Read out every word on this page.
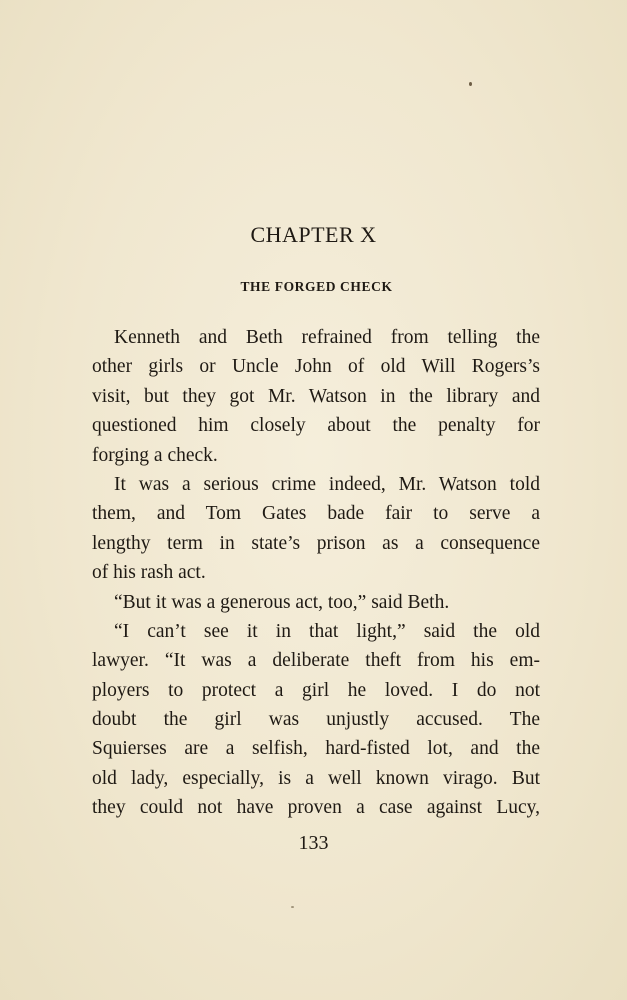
CHAPTER X
THE FORGED CHECK
Kenneth and Beth refrained from telling the
other girls or Uncle John of old Will Rogers’s
visit, but they got Mr. Watson in the library and
questioned him closely about the penalty for
forging a check.
It was a serious crime indeed, Mr. Watson told
them, and Tom Gates bade fair to serve a
lengthy term in state’s prison as a consequence
of his rash act.
“But it was a generous act, too,” said Beth.
“I can’t see it in that light,” said the old
lawyer. “It was a deliberate theft from his em-
ployers to protect a girl he loved. I do not
doubt the girl was unjustly accused. The
Squierses are a selfish, hard-fisted lot, and the
old lady, especially, is a well known virago. But
they could not have proven a case against Lucy,

133
